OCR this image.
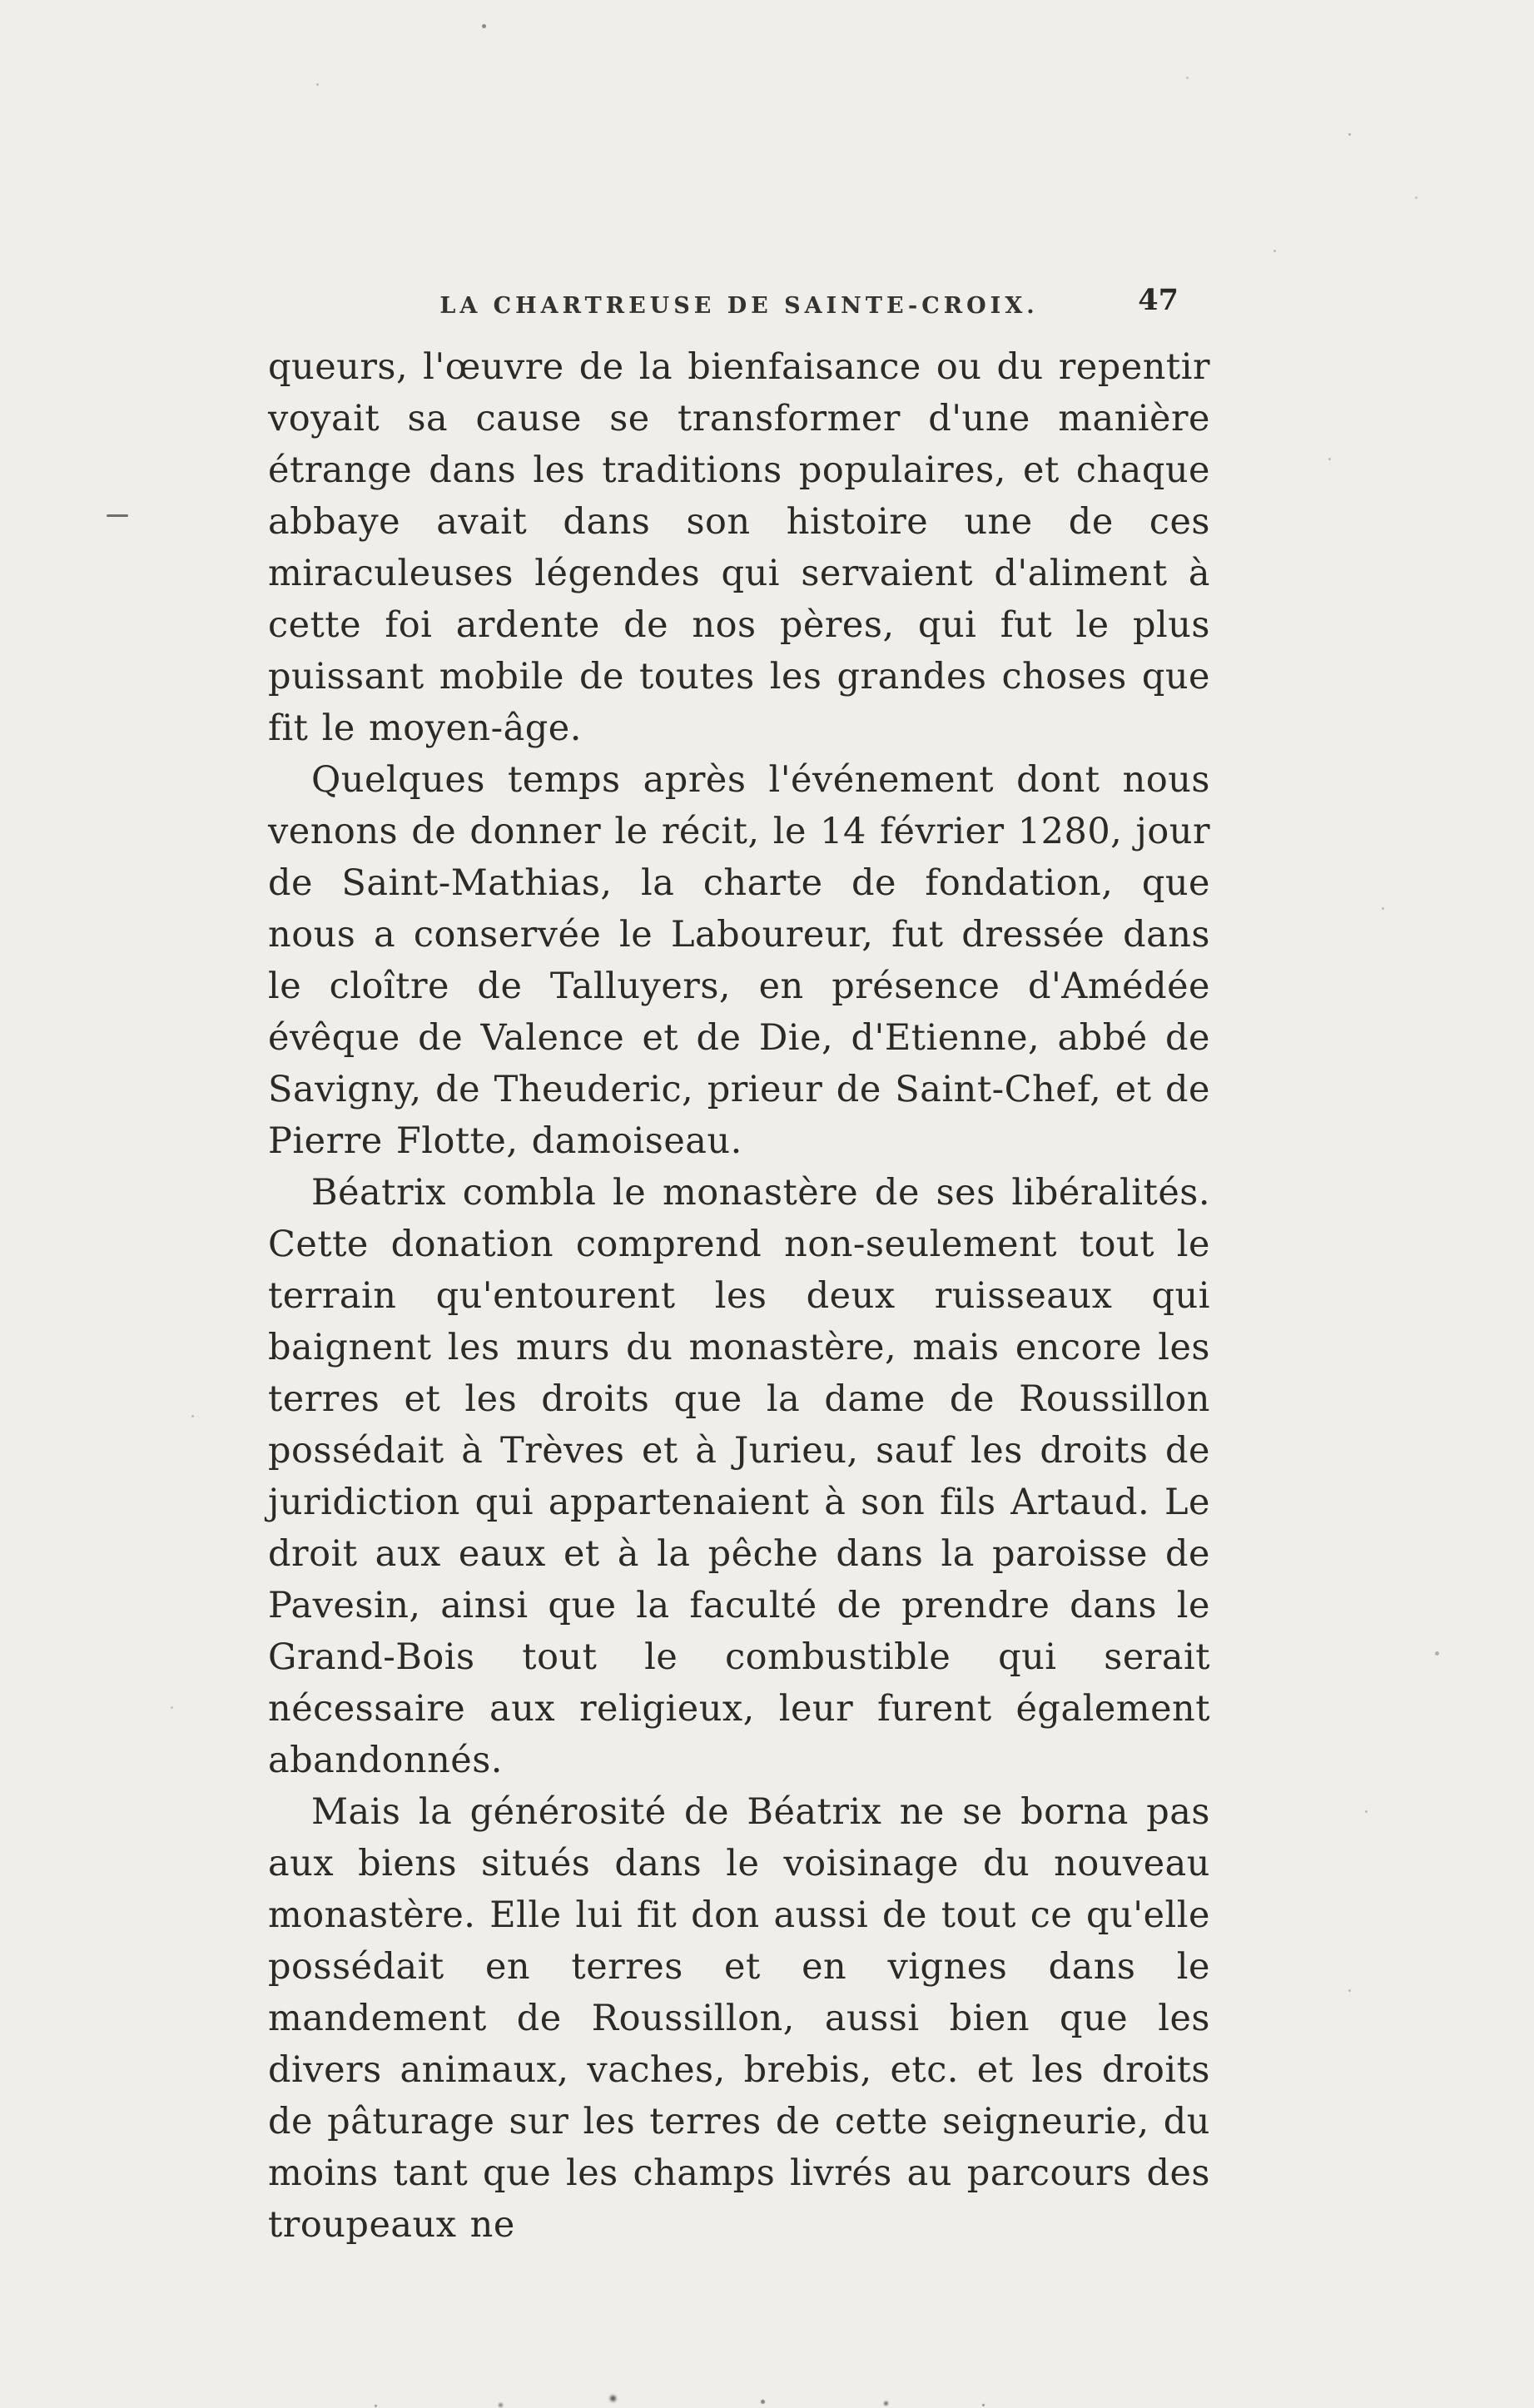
LA CHARTREUSE DE SAINTE-CROIX.	47

queurs, l'œuvre de la bienfaisance ou du repentir voyait sa cause se transformer d'une manière étrange dans les traditions populaires, et chaque abbaye avait dans son histoire une de ces miraculeuses légendes qui servaient d'aliment à cette foi ardente de nos pères, qui fut le plus puissant mobile de toutes les grandes choses que fit le moyen-âge.

Quelques temps après l'événement dont nous venons de donner le récit, le 14 février 1280, jour de Saint-Mathias, la charte de fondation, que nous a conservée le Laboureur, fut dressée dans le cloître de Talluyers, en présence d'Amédée évêque de Valence et de Die, d'Etienne, abbé de Savigny, de Theuderic, prieur de Saint-Chef, et de Pierre Flotte, damoiseau.

Béatrix combla le monastère de ses libéralités. Cette donation comprend non-seulement tout le terrain qu'entourent les deux ruisseaux qui baignent les murs du monastère, mais encore les terres et les droits que la dame de Roussillon possédait à Trèves et à Jurieu, sauf les droits de juridiction qui appartenaient à son fils Artaud. Le droit aux eaux et à la pêche dans la paroisse de Pavesin, ainsi que la faculté de prendre dans le Grand-Bois tout le combustible qui serait nécessaire aux religieux, leur furent également abandonnés.

Mais la générosité de Béatrix ne se borna pas aux biens situés dans le voisinage du nouveau monastère. Elle lui fit don aussi de tout ce qu'elle possédait en terres et en vignes dans le mandement de Roussillon, aussi bien que les divers animaux, vaches, brebis, etc. et les droits de pâturage sur les terres de cette seigneurie, du moins tant que les champs livrés au parcours des troupeaux ne
